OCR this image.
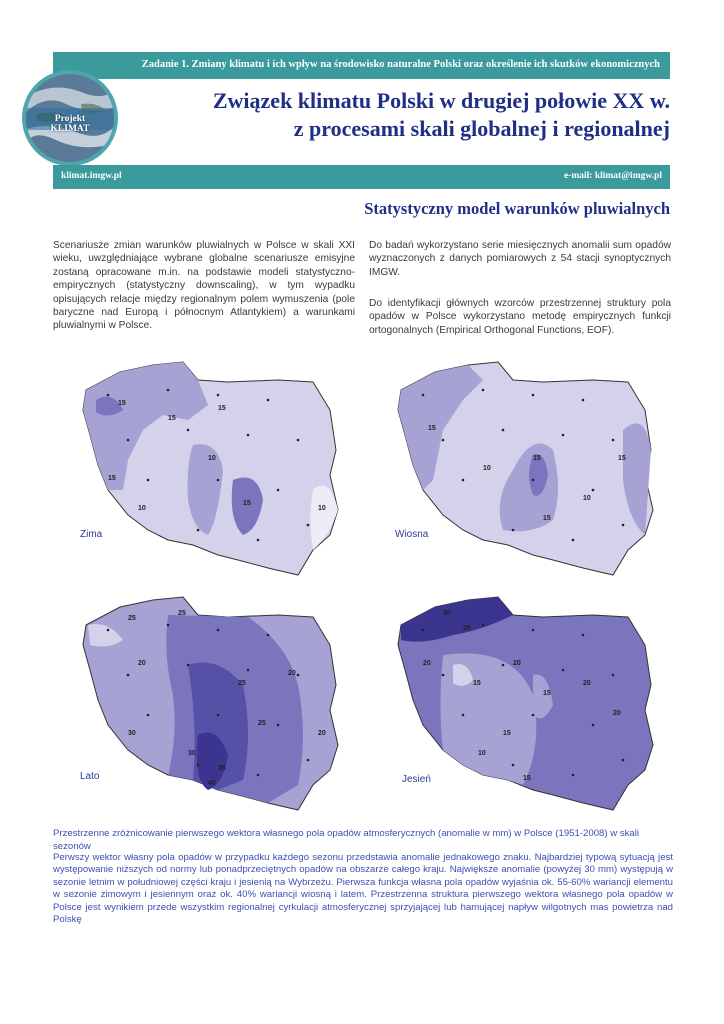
Zadanie 1. Zmiany klimatu i ich wpływ na środowisko naturalne Polski oraz określenie ich skutków ekonomicznych
Projekt
KLIMAT
Związek klimatu Polski w drugiej połowie XX w.
z procesami skali globalnej i regionalnej
klimat.imgw.pl	e-mail: klimat@imgw.pl
Statystyczny model warunków pluwialnych
Scenariusze zmian warunków pluwialnych w Polsce w skali XXI wieku, uwzględniające wybrane globalne scenariusze emisyjne zostaną opracowane m.in. na podstawie modeli statystyczno-empirycznych (statystyczny downscaling), w tym wypadku opisujących relacje między regionalnym polem wymuszenia (pole baryczne nad Europą i północnym Atlantykiem) a warunkami pluwialnymi w Polsce.
Do badań wykorzystano serie miesięcznych anomalii sum opadów wyznaczonych z danych pomiarowych z 54 stacji synoptycznych IMGW.
Do identyfikacji głównych wzorców przestrzennej struktury pola opadów w Polsce wykorzystano metodę empirycznych funkcji ortogonalnych (Empirical Orthogonal Functions, EOF).
15
15
15
15
10
10
10
15
Zima
15
15	15
10
10
15
Wiosna
25
25
20
30
25
20
25
30
35
40
20
Lato
30
25
20
15
20
15
20
20
15
10
15
Jesień
Przestrzenne zróżnicowanie pierwszego wektora własnego pola opadów atmosferycznych (anomalie w mm) w Polsce (1951-2008) w skali sezonów
Perwszy wektor własny pola opadów w przypadku każdego sezonu przedstawia anomalie jednakowego znaku. Najbardziej typową sytuacją jest występowanie niższych od normy lub ponadprzeciętnych opadów na obszarze całego kraju. Największe anomalie (powyżej 30 mm) występują w sezonie letnim w południowej części kraju i jesienią na Wybrzeżu. Pierwsza funkcja własna pola opadów wyjaśnia ok. 55-60% wariancji elementu w sezonie zimowym i jesiennym oraz ok. 40% wariancji wiosną i latem. Przestrzenna struktura pierwszego wektora własnego pola opadów w Polsce jest wynikiem przede wszystkim regionalnej cyrkulacji atmosferycznej sprzyjającej lub hamującej napływ wilgotnych mas powietrza nad Polskę
